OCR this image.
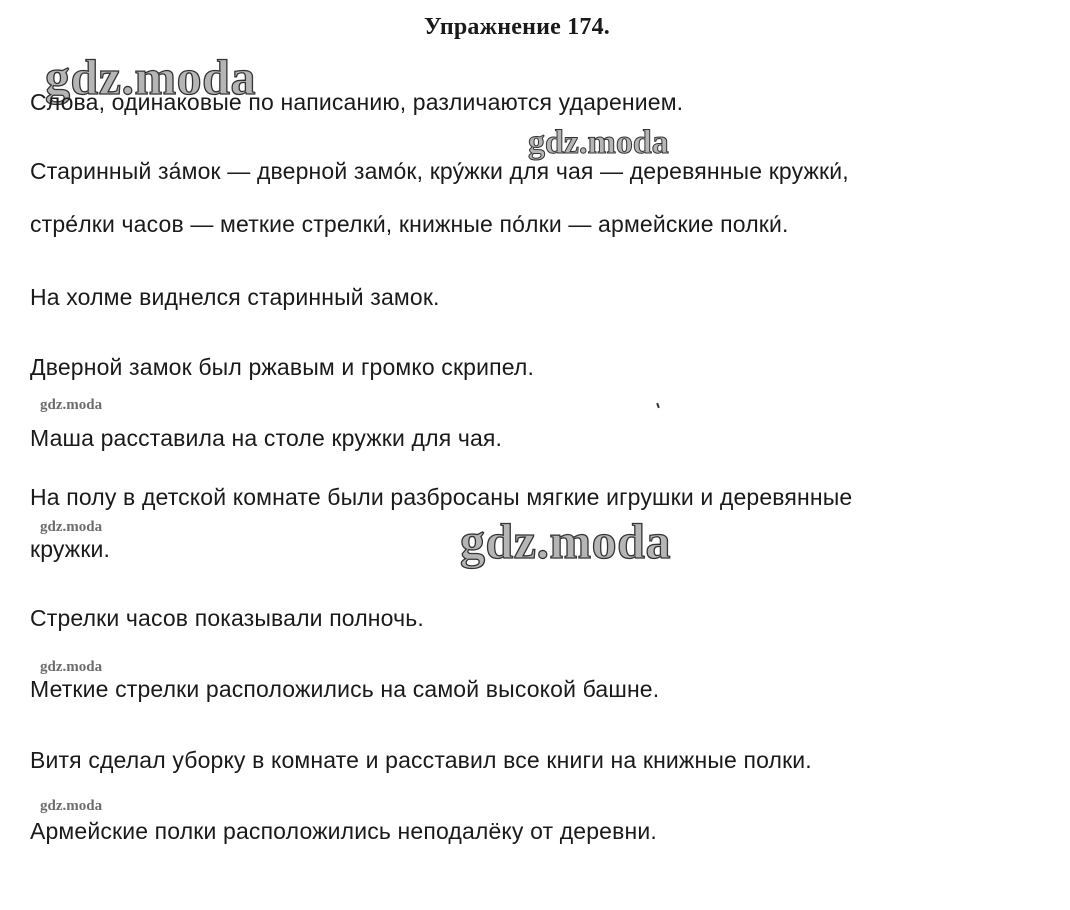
Упражнение 174.
gdz.moda
Слова, одинаковые по написанию, различаются ударением.
gdz.moda
Старинный за́мок — дверной замо́к, кру́жки для чая — деревянные кружки́,
стре́лки часов — меткие стрелки́, книжные по́лки — армейские полки́.
На холме виднелся старинный замок.
Дверной замок был ржавым и громко скрипел.
gdz.moda
Маша расставила на столе кружки для чая.
На полу в детской комнате были разбросаны мягкие игрушки и деревянные
gdz.moda
кружки.	gdz.moda
Стрелки часов показывали полночь.
gdz.moda
Меткие стрелки расположились на самой высокой башне.
Витя сделал уборку в комнате и расставил все книги на книжные полки.
gdz.moda
Армейские полки расположились неподалёку от деревни.
